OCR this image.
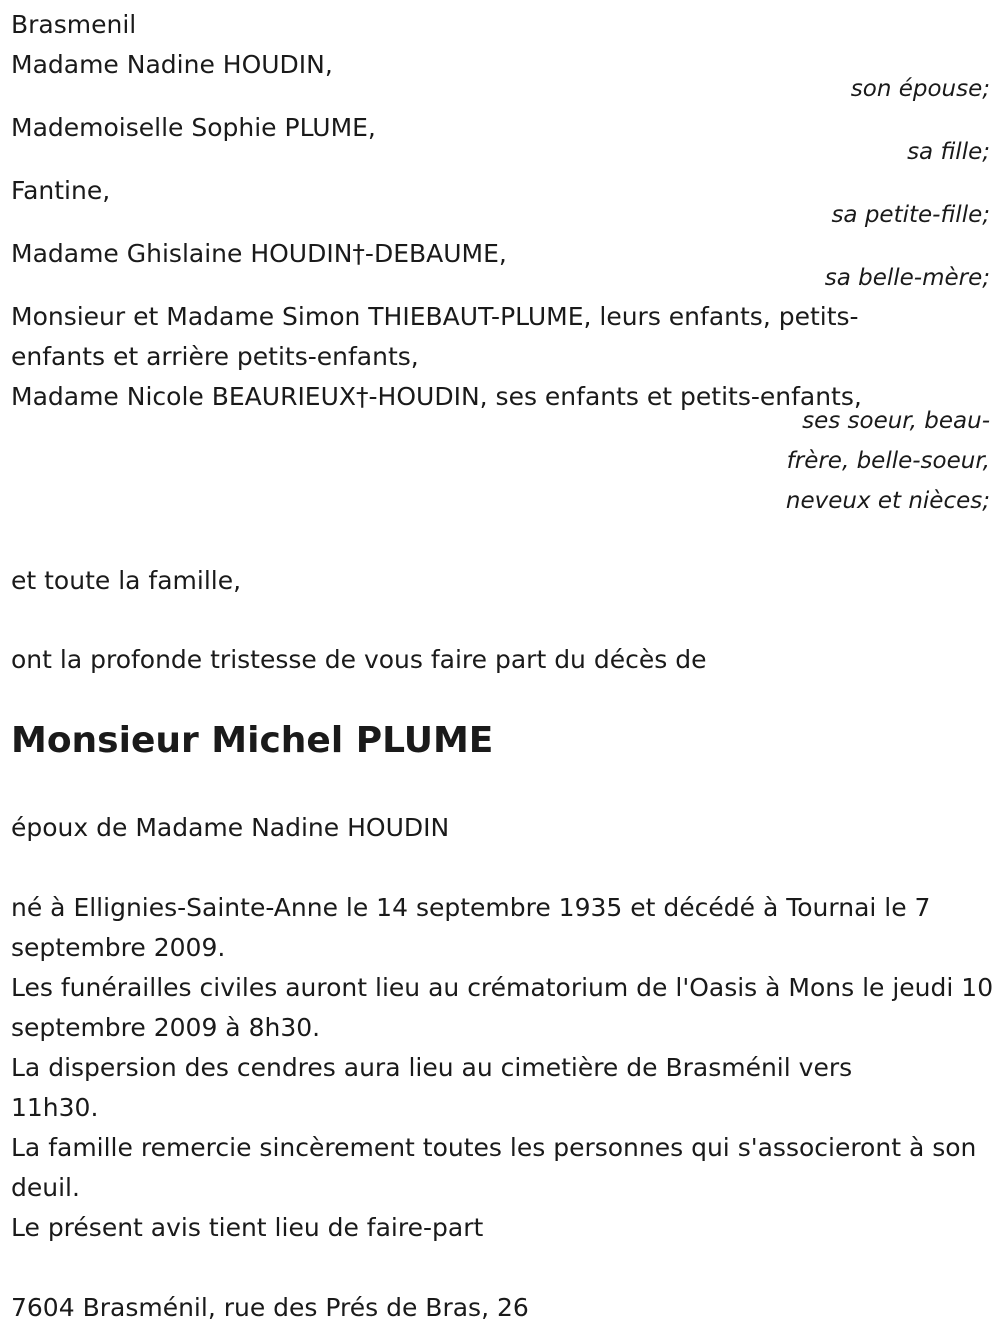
Brasmenil
Madame Nadine HOUDIN,
son épouse;
Mademoiselle Sophie PLUME,
sa fille;
Fantine,
sa petite-fille;
Madame Ghislaine HOUDIN†-DEBAUME,
sa belle-mère;
Monsieur et Madame Simon THIEBAUT-PLUME, leurs enfants, petits-enfants et arrière petits-enfants,
Madame Nicole BEAURIEUX†-HOUDIN, ses enfants et petits-enfants,
ses soeur, beau-frère, belle-soeur, neveux et nièces;
et toute la famille,
ont la profonde tristesse de vous faire part du décès de
Monsieur Michel PLUME
époux de Madame Nadine HOUDIN
né à Ellignies-Sainte-Anne le 14 septembre 1935 et décédé à Tournai le 7 septembre 2009.
Les funérailles civiles auront lieu au crématorium de l'Oasis à Mons le jeudi 10 septembre 2009 à 8h30.
La dispersion des cendres aura lieu au cimetière de Brasménil vers 11h30.
La famille remercie sincèrement toutes les personnes qui s'associeront à son deuil.
Le présent avis tient lieu de faire-part
7604 Brasménil, rue des Prés de Bras, 26
